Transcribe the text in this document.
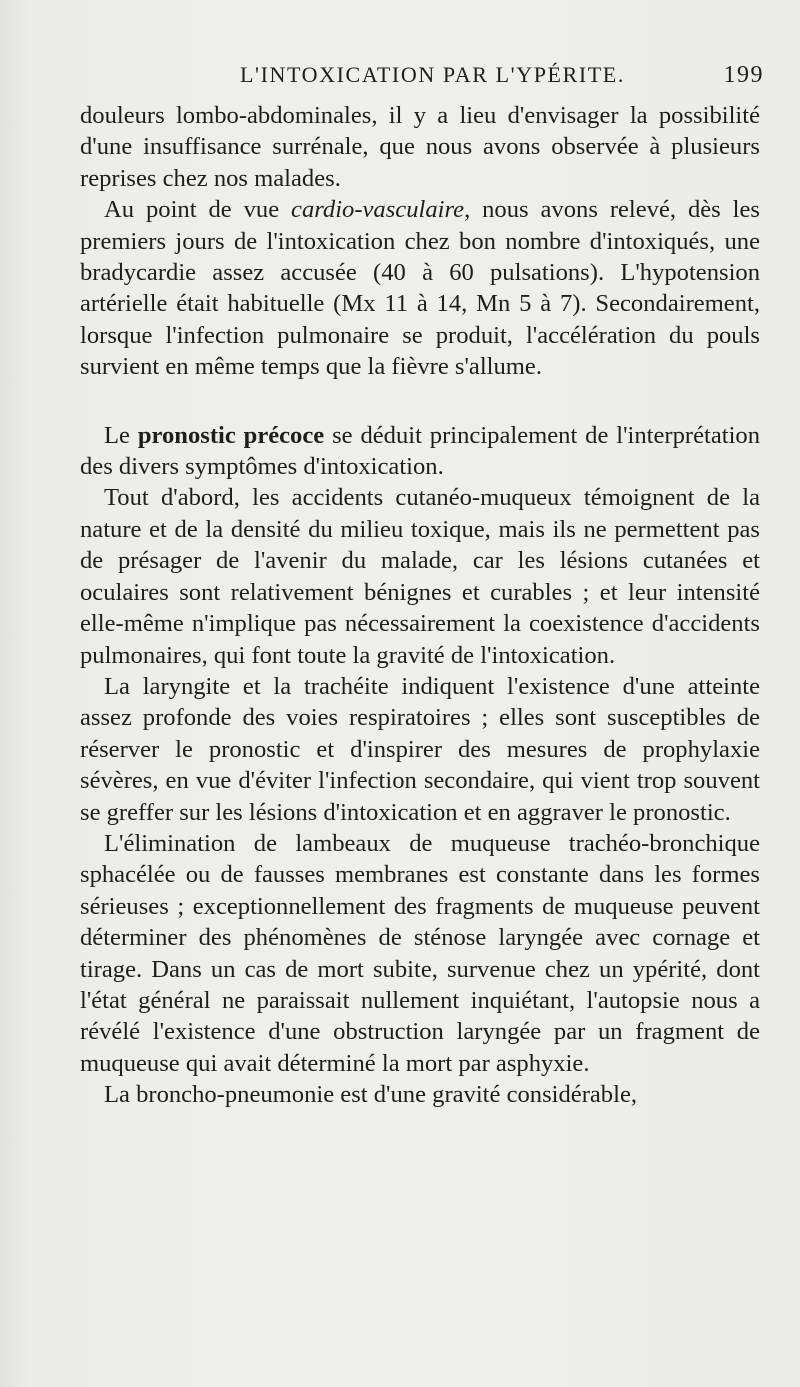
L'INTOXICATION PAR L'YPÉRITE.	199

douleurs lombo-abdominales, il y a lieu d'envisager la possibilité d'une insuffisance surrénale, que nous avons observée à plusieurs reprises chez nos malades.

Au point de vue cardio-vasculaire, nous avons relevé, dès les premiers jours de l'intoxication chez bon nombre d'intoxiqués, une bradycardie assez accusée (40 à 60 pulsations). L'hypotension artérielle était habituelle (Mx 11 à 14, Mn 5 à 7). Secondairement, lorsque l'infection pulmonaire se produit, l'accélération du pouls survient en même temps que la fièvre s'allume.

Le pronostic précoce se déduit principalement de l'interprétation des divers symptômes d'intoxication.

Tout d'abord, les accidents cutanéo-muqueux témoignent de la nature et de la densité du milieu toxique, mais ils ne permettent pas de présager de l'avenir du malade, car les lésions cutanées et oculaires sont relativement bénignes et curables ; et leur intensité elle-même n'implique pas nécessairement la coexistence d'accidents pulmonaires, qui font toute la gravité de l'intoxication.

La laryngite et la trachéite indiquent l'existence d'une atteinte assez profonde des voies respiratoires ; elles sont susceptibles de réserver le pronostic et d'inspirer des mesures de prophylaxie sévères, en vue d'éviter l'infection secondaire, qui vient trop souvent se greffer sur les lésions d'intoxication et en aggraver le pronostic.

L'élimination de lambeaux de muqueuse trachéo-bronchique sphacélée ou de fausses membranes est constante dans les formes sérieuses ; exceptionnellement des fragments de muqueuse peuvent déterminer des phénomènes de sténose laryngée avec cornage et tirage. Dans un cas de mort subite, survenue chez un ypérité, dont l'état général ne paraissait nullement inquiétant, l'autopsie nous a révélé l'existence d'une obstruction laryngée par un fragment de muqueuse qui avait déterminé la mort par asphyxie.

La broncho-pneumonie est d'une gravité considérable,
